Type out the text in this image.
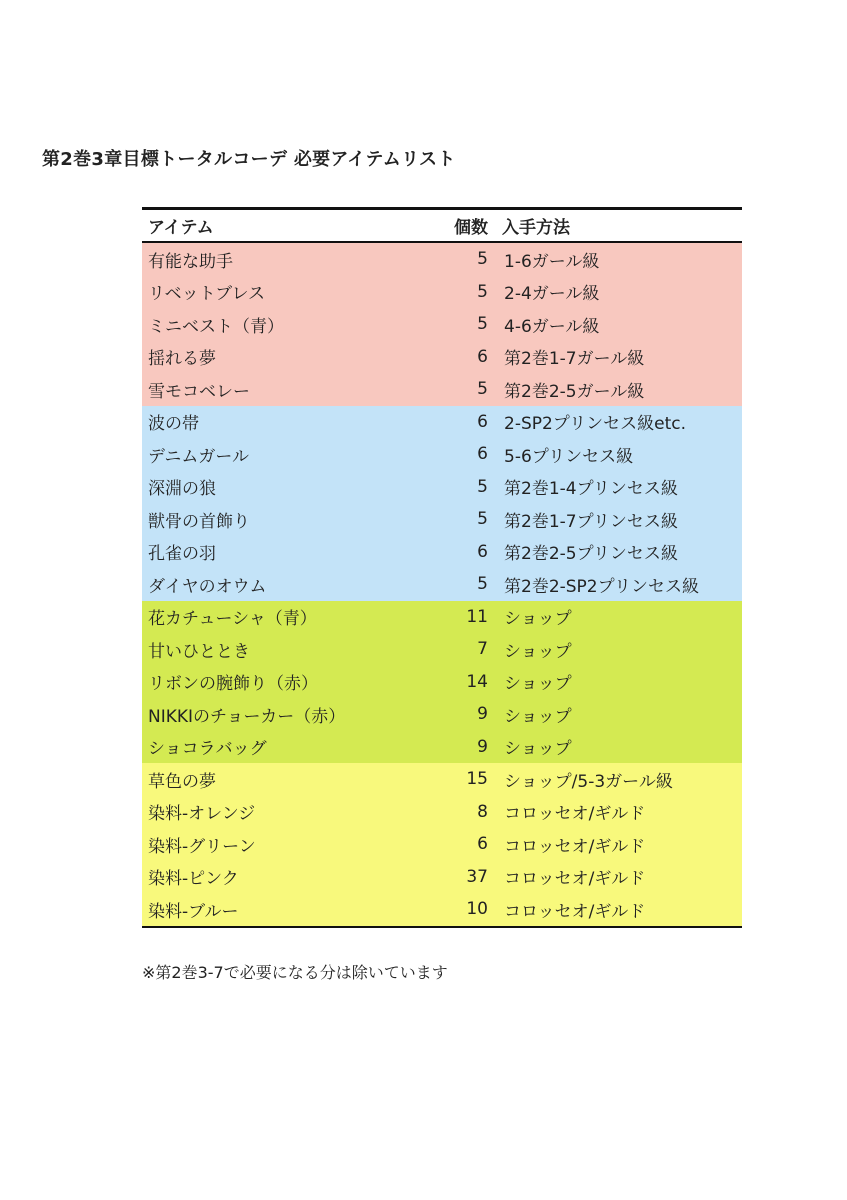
第2巻3章目標トータルコーデ 必要アイテムリスト
アイテム	個数	入手方法
有能な助手	5	1-6ガール級
リベットブレス	5	2-4ガール級
ミニベスト（青）	5	4-6ガール級
揺れる夢	6	第2巻1-7ガール級
雪モコベレー	5	第2巻2-5ガール級
波の帯	6	2-SP2プリンセス級etc.
デニムガール	6	5-6プリンセス級
深淵の狼	5	第2巻1-4プリンセス級
獣骨の首飾り	5	第2巻1-7プリンセス級
孔雀の羽	6	第2巻2-5プリンセス級
ダイヤのオウム	5	第2巻2-SP2プリンセス級
花カチューシャ（青）	11	ショップ
甘いひととき	7	ショップ
リボンの腕飾り（赤）	14	ショップ
NIKKIのチョーカー（赤）	9	ショップ
ショコラバッグ	9	ショップ
草色の夢	15	ショップ/5-3ガール級
染料-オレンジ	8	コロッセオ/ギルド
染料-グリーン	6	コロッセオ/ギルド
染料-ピンク	37	コロッセオ/ギルド
染料-ブルー	10	コロッセオ/ギルド
※第2巻3-7で必要になる分は除いています
